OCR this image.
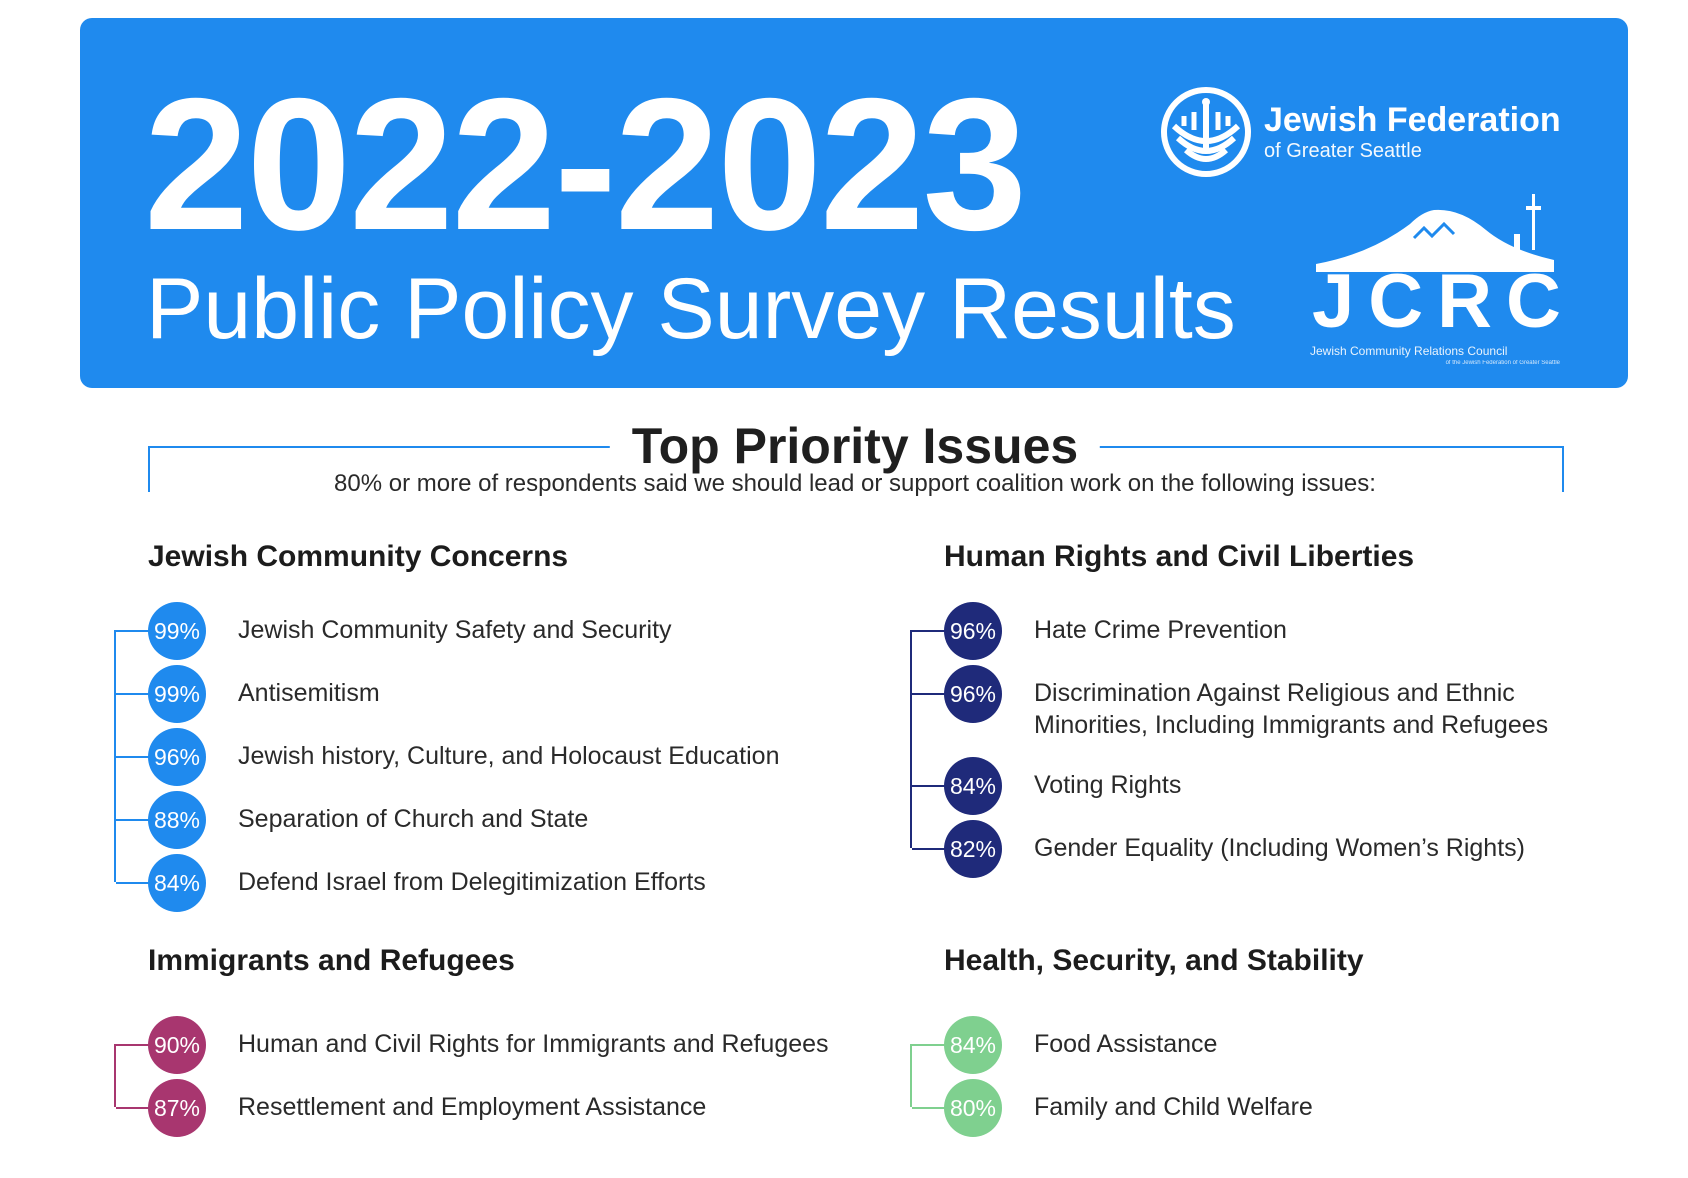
2022-2023
Public Policy Survey Results
Jewish Federation
of Greater Seattle
JCRC
Jewish Community Relations Council
of the Jewish Federation of Greater Seattle
Top Priority Issues
80% or more of respondents said we should lead or support coalition work on the following issues:
Jewish Community Concerns
99% Jewish Community Safety and Security
99% Antisemitism
96% Jewish history, Culture, and Holocaust Education
88% Separation of Church and State
84% Defend Israel from Delegitimization Efforts
Human Rights and Civil Liberties
96% Hate Crime Prevention
96% Discrimination Against Religious and Ethnic Minorities, Including Immigrants and Refugees
84% Voting Rights
82% Gender Equality (Including Women’s Rights)
Immigrants and Refugees
90% Human and Civil Rights for Immigrants and Refugees
87% Resettlement and Employment Assistance
Health, Security, and Stability
84% Food Assistance
80% Family and Child Welfare
